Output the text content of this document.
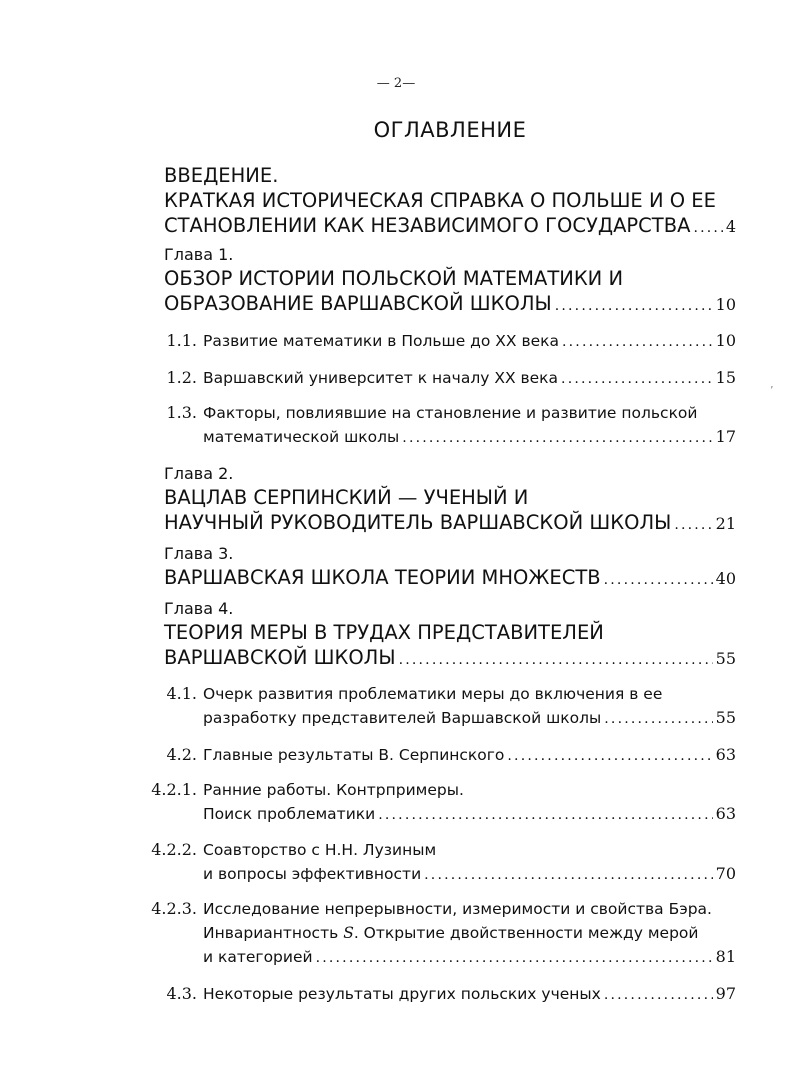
— 2—
ОГЛАВЛЕНИЕ
ВВЕДЕНИЕ.
КРАТКАЯ ИСТОРИЧЕСКАЯ СПРАВКА О ПОЛЬШЕ И О ЕЕ
СТАНОВЛЕНИИ КАК НЕЗАВИСИМОГО ГОСУДАРСТВА ..... 4
Глава 1.
ОБЗОР ИСТОРИИ ПОЛЬСКОЙ МАТЕМАТИКИ И
ОБРАЗОВАНИЕ ВАРШАВСКОЙ ШКОЛЫ .....	10
1.1. Развитие математики в Польше до XX века .....	10
1.2. Варшавский университет к началу XX века .....	15
1.3. Факторы, повлиявшие на становление и развитие польской
математической школы .....	17
Глава 2.
ВАЦЛАВ СЕРПИНСКИЙ — УЧЕНЫЙ И
НАУЧНЫЙ РУКОВОДИТЕЛЬ ВАРШАВСКОЙ ШКОЛЫ .....	21
Глава 3.
ВАРШАВСКАЯ ШКОЛА ТЕОРИИ МНОЖЕСТВ .....	40
Глава 4.
ТЕОРИЯ МЕРЫ В ТРУДАХ ПРЕДСТАВИТЕЛЕЙ
ВАРШАВСКОЙ ШКОЛЫ .....	55
4.1. Очерк развития проблематики меры до включения в ее
разработку представителей Варшавской школы .....	55
4.2. Главные результаты В. Серпинского .....	63
4.2.1. Ранние работы. Контрпримеры.
Поиск проблематики .....	63
4.2.2. Соавторство с Н.Н. Лузиным
и вопросы эффективности .....	70
4.2.3. Исследование непрерывности, измеримости и свойства Бэра.
Инвариантность S. Открытие двойственности между мерой
и категорией .....	81
4.3. Некоторые результаты других польских ученых .....	97
ʼ
